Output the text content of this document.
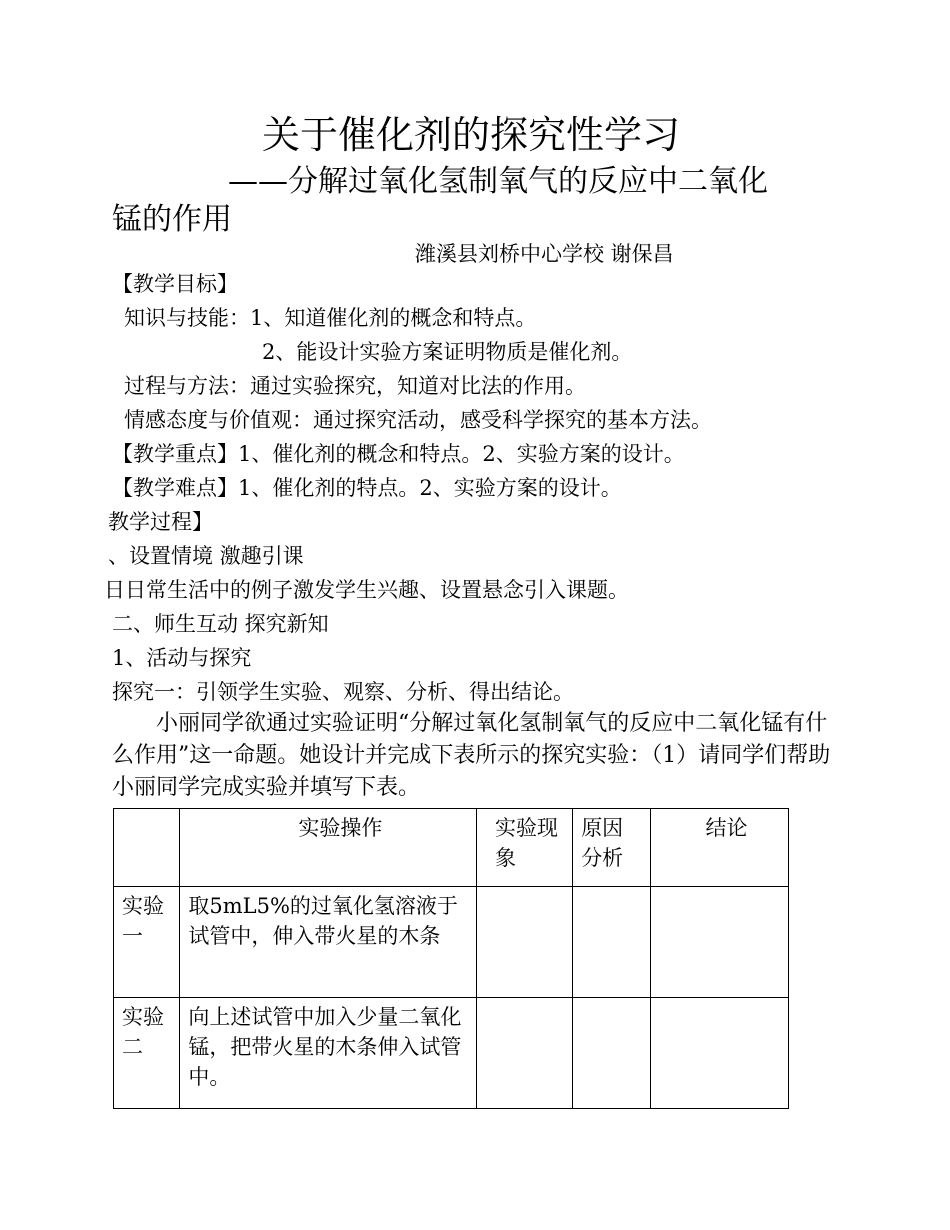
关于催化剂的探究性学习
——分解过氧化氢制氧气的反应中二氧化
锰的作用
潍溪县刘桥中心学校 谢保昌
【教学目标】
知识与技能：1、知道催化剂的概念和特点。
2、能设计实验方案证明物质是催化剂。
过程与方法：通过实验探究，知道对比法的作用。
情感态度与价值观：通过探究活动，感受科学探究的基本方法。
【教学重点】1、催化剂的概念和特点。2、实验方案的设计。
【教学难点】1、催化剂的特点。2、实验方案的设计。
教学过程】
、设置情境 激趣引课
日日常生活中的例子激发学生兴趣、设置悬念引入课题。
二、师生互动 探究新知
1、活动与探究
探究一：引领学生实验、观察、分析、得出结论。
小丽同学欲通过实验证明“分解过氧化氢制氧气的反应中二氧化锰有什么作用”这一命题。她设计并完成下表所示的探究实验：（1）请同学们帮助小丽同学完成实验并填写下表。
	实验操作	实验现象	原因分析	结论
实验一	取5mL5%的过氧化氢溶液于试管中，伸入带火星的木条			
实验二	向上述试管中加入少量二氧化锰，把带火星的木条伸入试管中。			
